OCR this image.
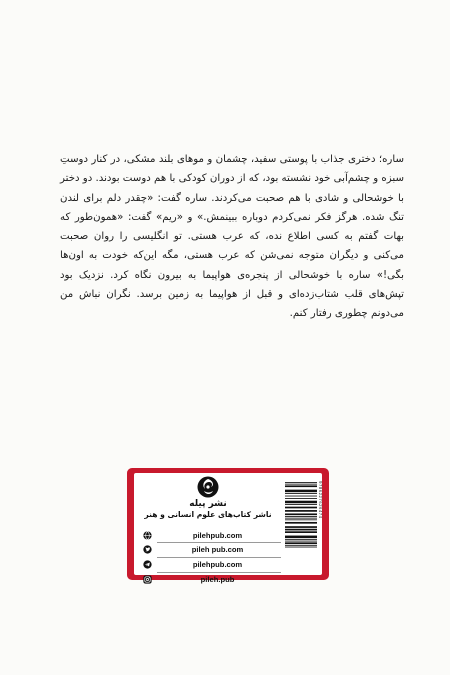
ساره؛ دختری جذاب با پوستی سفید، چشمان و موهای بلند مشکی، در کنار دوستِ سبزه و چشم‌آبی خود نشسته بود، که از دوران کودکی با هم دوست بودند. دو دختر با خوشحالی و شادی با هم صحبت می‌کردند. ساره گفت: «چقدر دلم برای لندن تنگ شده. هرگز فکر نمی‌کردم دوباره ببینمش.» و «ریم» گفت: «همون‌طور که بهات گفتم به کسی اطلاع نده، که عرب هستی. تو انگلیسی را روان صحبت می‌کنی و دیگران متوجه نمی‌شن که عرب هستی، مگه این‌که خودت به اون‌ها بگی!» ساره با خوشحالی از پنجره‌ی هواپیما به بیرون نگاه کرد. نزدیک بود تپش‌های قلب شتاب‌زده‌ای و قبل از هواپیما به زمین برسد. نگران نباش من می‌دونم چطوری رفتار کنم.

نشر پیله
ناشر کتاب‌های علوم انسانی و هنر
pilehpub.com
pileh pub.com
pilehpub.com
pileh.pub
9786227626474
